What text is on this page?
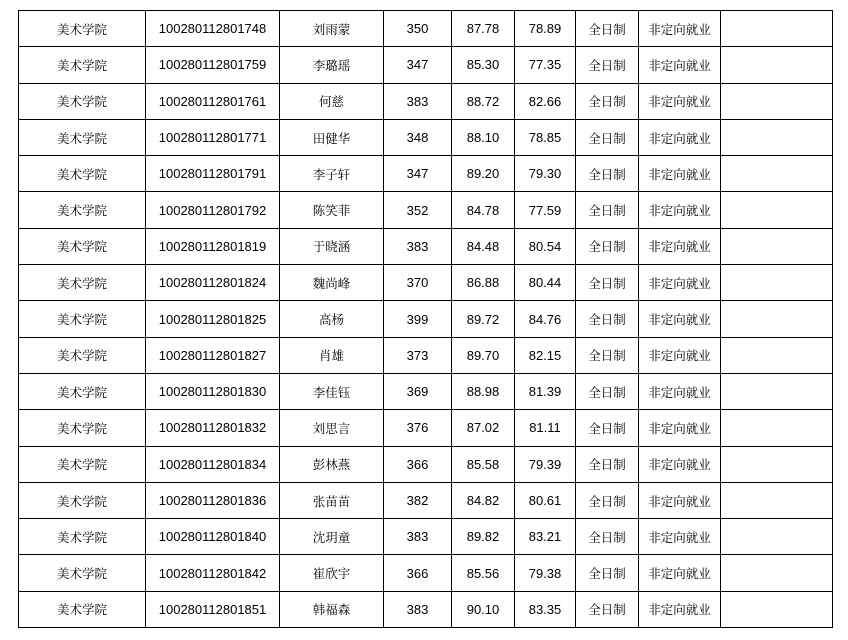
美术学院	100280112801748	刘雨蒙	350	87.78	78.89	全日制	非定向就业	
美术学院	100280112801759	李璐瑶	347	85.30	77.35	全日制	非定向就业	
美术学院	100280112801761	何慈	383	88.72	82.66	全日制	非定向就业	
美术学院	100280112801771	田健华	348	88.10	78.85	全日制	非定向就业	
美术学院	100280112801791	李子轩	347	89.20	79.30	全日制	非定向就业	
美术学院	100280112801792	陈笑菲	352	84.78	77.59	全日制	非定向就业	
美术学院	100280112801819	于晓涵	383	84.48	80.54	全日制	非定向就业	
美术学院	100280112801824	魏尚峰	370	86.88	80.44	全日制	非定向就业	
美术学院	100280112801825	高杨	399	89.72	84.76	全日制	非定向就业	
美术学院	100280112801827	肖雄	373	89.70	82.15	全日制	非定向就业	
美术学院	100280112801830	李佳钰	369	88.98	81.39	全日制	非定向就业	
美术学院	100280112801832	刘思言	376	87.02	81.11	全日制	非定向就业	
美术学院	100280112801834	彭林燕	366	85.58	79.39	全日制	非定向就业	
美术学院	100280112801836	张苗苗	382	84.82	80.61	全日制	非定向就业	
美术学院	100280112801840	沈玥童	383	89.82	83.21	全日制	非定向就业	
美术学院	100280112801842	崔欣宇	366	85.56	79.38	全日制	非定向就业	
美术学院	100280112801851	韩福森	383	90.10	83.35	全日制	非定向就业	
